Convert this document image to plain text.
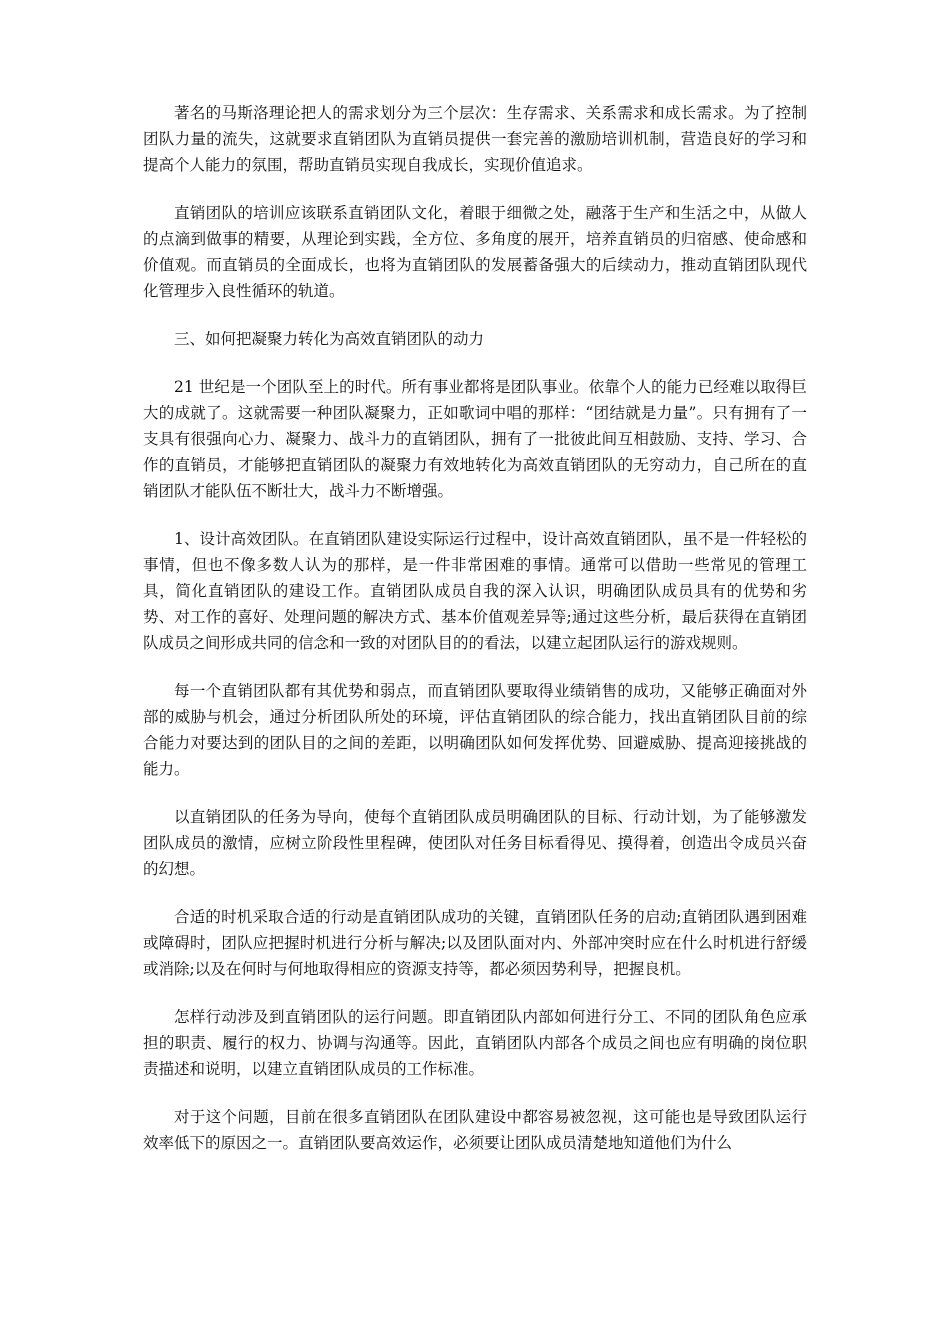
著名的马斯洛理论把人的需求划分为三个层次：生存需求、关系需求和成长需求。为了控制团队力量的流失，这就要求直销团队为直销员提供一套完善的激励培训机制，营造良好的学习和提高个人能力的氛围，帮助直销员实现自我成长，实现价值追求。

直销团队的培训应该联系直销团队文化，着眼于细微之处，融落于生产和生活之中，从做人的点滴到做事的精要，从理论到实践，全方位、多角度的展开，培养直销员的归宿感、使命感和价值观。而直销员的全面成长，也将为直销团队的发展蓄备强大的后续动力，推动直销团队现代化管理步入良性循环的轨道。

三、如何把凝聚力转化为高效直销团队的动力

21 世纪是一个团队至上的时代。所有事业都将是团队事业。依靠个人的能力已经难以取得巨大的成就了。这就需要一种团队凝聚力，正如歌词中唱的那样：“团结就是力量”。只有拥有了一支具有很强向心力、凝聚力、战斗力的直销团队，拥有了一批彼此间互相鼓励、支持、学习、合作的直销员，才能够把直销团队的凝聚力有效地转化为高效直销团队的无穷动力，自己所在的直销团队才能队伍不断壮大，战斗力不断增强。

1、设计高效团队。在直销团队建设实际运行过程中，设计高效直销团队，虽不是一件轻松的事情，但也不像多数人认为的那样，是一件非常困难的事情。通常可以借助一些常见的管理工具，简化直销团队的建设工作。直销团队成员自我的深入认识，明确团队成员具有的优势和劣势、对工作的喜好、处理问题的解决方式、基本价值观差异等;通过这些分析，最后获得在直销团队成员之间形成共同的信念和一致的对团队目的的看法，以建立起团队运行的游戏规则。

每一个直销团队都有其优势和弱点，而直销团队要取得业绩销售的成功，又能够正确面对外部的威胁与机会，通过分析团队所处的环境，评估直销团队的综合能力，找出直销团队目前的综合能力对要达到的团队目的之间的差距，以明确团队如何发挥优势、回避威胁、提高迎接挑战的能力。

以直销团队的任务为导向，使每个直销团队成员明确团队的目标、行动计划，为了能够激发团队成员的激情，应树立阶段性里程碑，使团队对任务目标看得见、摸得着，创造出令成员兴奋的幻想。

合适的时机采取合适的行动是直销团队成功的关键，直销团队任务的启动;直销团队遇到困难或障碍时，团队应把握时机进行分析与解决;以及团队面对内、外部冲突时应在什么时机进行舒缓或消除;以及在何时与何地取得相应的资源支持等，都必须因势利导，把握良机。

怎样行动涉及到直销团队的运行问题。即直销团队内部如何进行分工、不同的团队角色应承担的职责、履行的权力、协调与沟通等。因此，直销团队内部各个成员之间也应有明确的岗位职责描述和说明，以建立直销团队成员的工作标准。

对于这个问题，目前在很多直销团队在团队建设中都容易被忽视，这可能也是导致团队运行效率低下的原因之一。直销团队要高效运作，必须要让团队成员清楚地知道他们为什么
